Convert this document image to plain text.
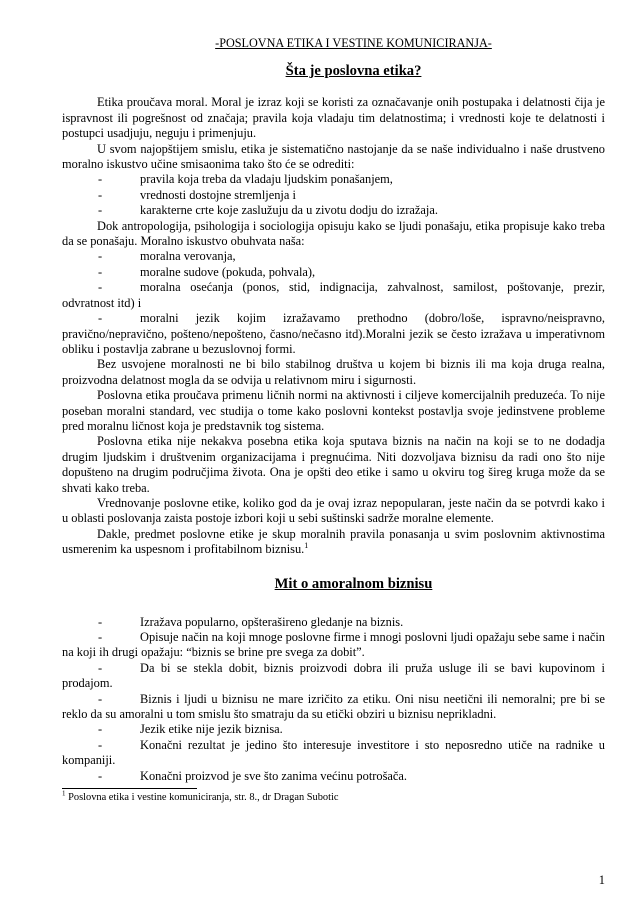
-POSLOVNA ETIKA I VESTINE KOMUNICIRANJA-
Šta je poslovna etika?

Etika proučava moral. Moral je izraz koji se koristi za označavanje onih postupaka i delatnosti čija je ispravnost ili pogrešnost od značaja; pravila koja vladaju tim delatnostima; i vrednosti koje te delatnosti i postupci usadjuju, neguju i primenjuju.

U svom najopštijem smislu, etika je sistematično nastojanje da se naše individualno i naše drustveno moralno iskustvo učine smisaonima tako što će se odrediti:

-	pravila koja treba da vladaju ljudskim ponašanjem,
-	vrednosti dostojne stremljenja i
-	karakterne crte koje zaslužuju da u zivotu dodju do izražaja.

Dok antropologija, psihologija i sociologija opisuju kako se ljudi ponašaju, etika propisuje kako treba da se ponašaju. Moralno iskustvo obuhvata naša:

-	moralna verovanja,
-	moralne sudove (pokuda, pohvala),
-	moralna osećanja (ponos, stid, indignacija, zahvalnost, samilost, poštovanje, prezir, odvratnost itd) i
-	moralni jezik kojim izražavamo prethodno (dobro/loše, ispravno/neispravno, pravično/nepravično, pošteno/nepošteno, časno/nečasno itd).Moralni jezik se često izražava u imperativnom obliku i postavlja zabrane u bezuslovnoj formi.

Bez usvojene moralnosti ne bi bilo stabilnog društva u kojem bi biznis ili ma koja druga realna, proizvodna delatnost mogla da se odvija u relativnom miru i sigurnosti.

Poslovna etika proučava primenu ličnih normi na aktivnosti i ciljeve komercijalnih preduzeća. To nije poseban moralni standard, vec studija o tome kako poslovni kontekst postavlja svoje jedinstvene probleme pred moralnu ličnost koja je predstavnik tog sistema.

Poslovna etika nije nekakva posebna etika koja sputava biznis na način na koji se to ne dodadja drugim ljudskim i društvenim organizacijama i pregnućima. Niti dozvoljava biznisu da radi ono što nije dopušteno na drugim područjima života. Ona je opšti deo etike i samo u okviru tog šireg kruga može da se shvati kako treba.

Vrednovanje poslovne etike, koliko god da je ovaj izraz nepopularan, jeste način da se potvrdi kako i u oblasti poslovanja zaista postoje izbori koji u sebi suštinski sadrže moralne elemente.

Dakle, predmet poslovne etike je skup moralnih pravila ponasanja u svim poslovnim aktivnostima usmerenim ka uspesnom i profitabilnom biznisu.$^1$

Mit o amoralnom biznisu
-	Izražava popularno, opšteraširenо gledanje na biznis.
-	Opisuje način na koji mnoge poslovne firme i mnogi poslovni ljudi opažaju sebe same i način na koji ih drugi opažaju: “biznis se brine pre svega za dobit”.
-	Da bi se stekla dobit, biznis proizvodi dobra ili pruža usluge ili se bavi kupovinom i prodajom.
-	Biznis i ljudi u biznisu ne mare izričito za etiku. Oni nisu neetični ili nemoralni; pre bi se reklo da su amoralni u tom smislu što smatraju da su etički obziri u biznisu neprikladni.
-	Jezik etike nije jezik biznisa.
-	Konačni rezultat je jedino što interesuje investitore i sto neposredno utiče na radnike u kompaniji.
-	Konačni proizvod je sve što zanima većinu potrošača.
$^1$ Poslovna etika i vestine komuniciranja, str. 8., dr Dragan Subotic
1
